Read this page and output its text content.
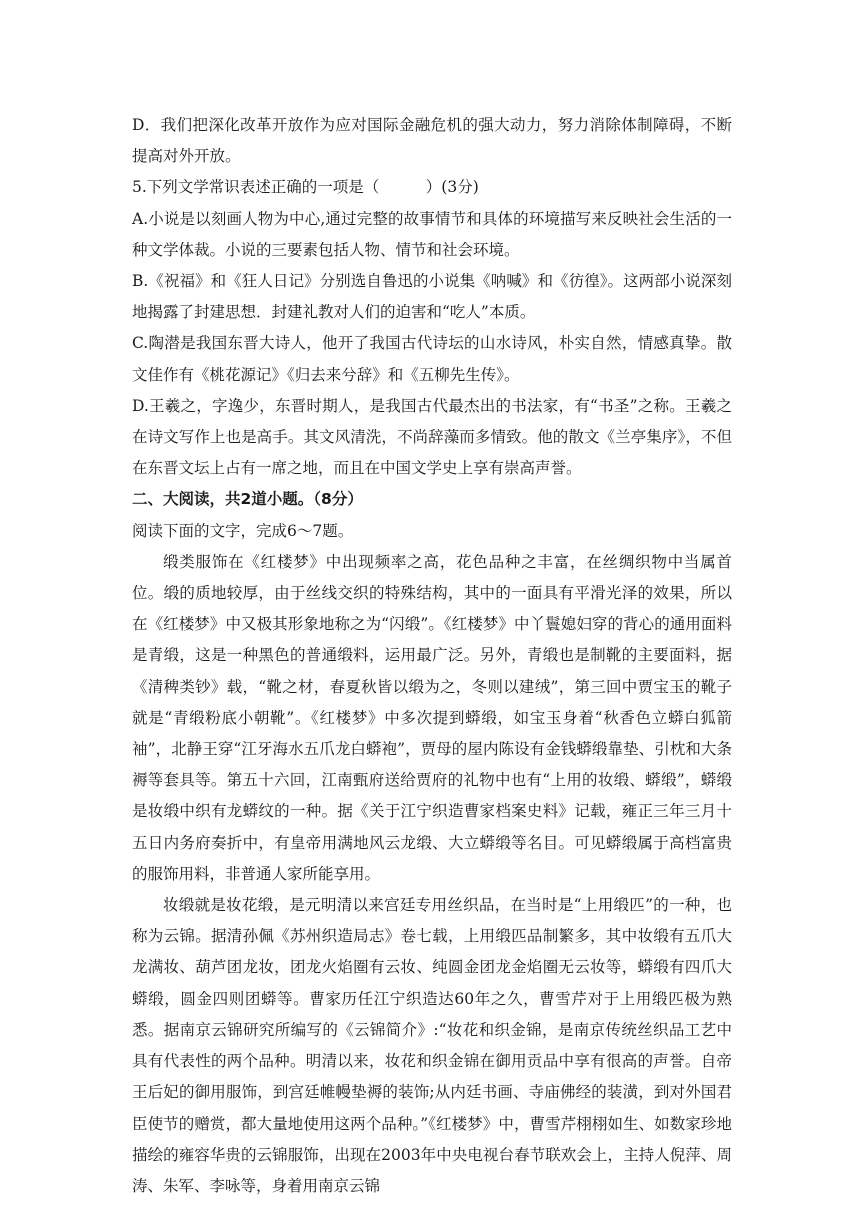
D．我们把深化改革开放作为应对国际金融危机的强大动力，努力消除体制障碍，不断提高对外开放。

5.下列文学常识表述正确的一项是（　　　）(3分)

A.小说是以刻画人物为中心,通过完整的故事情节和具体的环境描写来反映社会生活的一种文学体裁。小说的三要素包括人物、情节和社会环境。

B.《祝福》和《狂人日记》分别选自鲁迅的小说集《呐喊》和《彷徨》。这两部小说深刻地揭露了封建思想．封建礼教对人们的迫害和“吃人”本质。

C.陶潜是我国东晋大诗人，他开了我国古代诗坛的山水诗风，朴实自然，情感真挚。散文佳作有《桃花源记》《归去来兮辞》和《五柳先生传》。

D.王羲之，字逸少，东晋时期人，是我国古代最杰出的书法家，有“书圣”之称。王羲之在诗文写作上也是高手。其文风清洗，不尚辞藻而多情致。他的散文《兰亭集序》，不但在东晋文坛上占有一席之地，而且在中国文学史上享有崇高声誉。

二、大阅读，共2道小题。（8分）

阅读下面的文字，完成6～7题。

缎类服饰在《红楼梦》中出现频率之高，花色品种之丰富，在丝绸织物中当属首位。缎的质地较厚，由于丝线交织的特殊结构，其中的一面具有平滑光泽的效果，所以在《红楼梦》中又极其形象地称之为“闪缎”。《红楼梦》中丫鬟媳妇穿的背心的通用面料是青缎，这是一种黑色的普通缎料，运用最广泛。另外，青缎也是制靴的主要面料，据《清稗类钞》载，“靴之材，春夏秋皆以缎为之，冬则以建绒”，第三回中贾宝玉的靴子就是“青缎粉底小朝靴”。《红楼梦》中多次提到蟒缎，如宝玉身着“秋香色立蟒白狐箭袖”，北静王穿“江牙海水五爪龙白蟒袍”，贾母的屋内陈设有金钱蟒缎靠垫、引枕和大条褥等套具等。第五十六回，江南甄府送给贾府的礼物中也有“上用的妆缎、蟒缎”，蟒缎是妆缎中织有龙蟒纹的一种。据《关于江宁织造曹家档案史料》记载，雍正三年三月十五日内务府奏折中，有皇帝用满地风云龙缎、大立蟒缎等名目。可见蟒缎属于高档富贵的服饰用料，非普通人家所能享用。

妆缎就是妆花缎，是元明清以来宫廷专用丝织品，在当时是“上用缎匹”的一种，也称为云锦。据清孙佩《苏州织造局志》卷七载，上用缎匹品制繁多，其中妆缎有五爪大龙满妆、葫芦团龙妆，团龙火焰圈有云妆、纯圆金团龙金焰圈无云妆等，蟒缎有四爪大蟒缎，圆金四则团蟒等。曹家历任江宁织造达60年之久，曹雪芹对于上用缎匹极为熟悉。据南京云锦研究所编写的《云锦简介》:“妆花和织金锦，是南京传统丝织品工艺中具有代表性的两个品种。明清以来，妆花和织金锦在御用贡品中享有很高的声誉。自帝王后妃的御用服饰，到宫廷帷幔垫褥的装饰;从内廷书画、寺庙佛经的装潢，到对外国君臣使节的赠赏，都大量地使用这两个品种。”《红楼梦》中，曹雪芹栩栩如生、如数家珍地描绘的雍容华贵的云锦服饰，出现在2003年中央电视台春节联欢会上，主持人倪萍、周涛、朱军、李咏等，身着用南京云锦
